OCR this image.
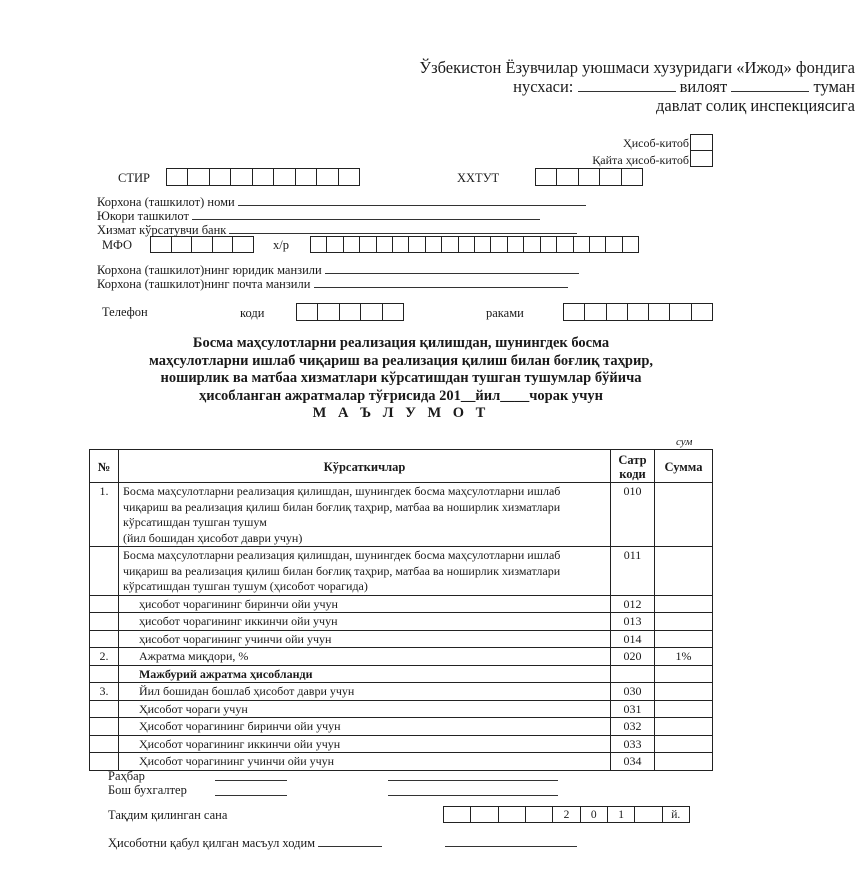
Ўзбекистон Ёзувчилар уюшмаси хузуридаги «Ижод» фондига
нусхаси:	вилоят	туман
давлат солиқ инспекциясига
Ҳисоб-китоб
Қайта ҳисоб-китоб
СТИР	ХХТУТ
Корхона (ташкилот) номи
Юкори ташкилот
Хизмат кўрсатувчи банк
МФО	х/р
Корхона (ташкилот)нинг юридик манзили
Корхона (ташкилот)нинг почта манзили
Телефон	коди	раками
Босма маҳсулотларни реализация қилишдан, шунингдек босма
маҳсулотларни ишлаб чиқариш ва реализация қилиш билан боғлиқ таҳрир,
ноширлик ва матбаа хизматлари кўрсатишдан тушган тушумлар бўйича
ҳисобланган ажратмалар тўғрисида 201__йил____чорак учун
М А Ъ Л У М О Т
сум
№	Кўрсаткичлар	Сатр
коди	Сумма
1.	Босма маҳсулотларни реализация қилишдан, шунингдек босма маҳсулотларни ишлаб чиқариш ва реализация қилиш билан боғлиқ таҳрир, матбаа ва ноширлик хизматлари кўрсатишдан тушган тушум
(йил бошидан ҳисобот даври учун)	010	
	Босма маҳсулотларни реализация қилишдан, шунингдек босма маҳсулотларни ишлаб чиқариш ва реализация қилиш билан боғлиқ таҳрир, матбаа ва ноширлик хизматлари кўрсатишдан тушган тушум (ҳисобот чорагида)	011	
	ҳисобот чорагининг биринчи ойи учун	012	
	ҳисобот чорагининг иккинчи ойи учун	013	
	ҳисобот чорагининг учинчи ойи учун	014	
2.	Ажратма миқдори, %	020	1%
	Мажбурий ажратма ҳисобланди		
3.	Йил бошидан бошлаб ҳисобот даври учун	030	
	Ҳисобот чораги учун	031	
	Ҳисобот чорагининг биринчи ойи учун	032	
	Ҳисобот чорагининг иккинчи ойи учун	033	
	Ҳисобот чорагининг учинчи ойи учун	034	
Раҳбар
Бош бухгалтер
Тақдим қилинган сана	2	0	1	й.
Ҳисоботни қабул қилган масъул ходим
